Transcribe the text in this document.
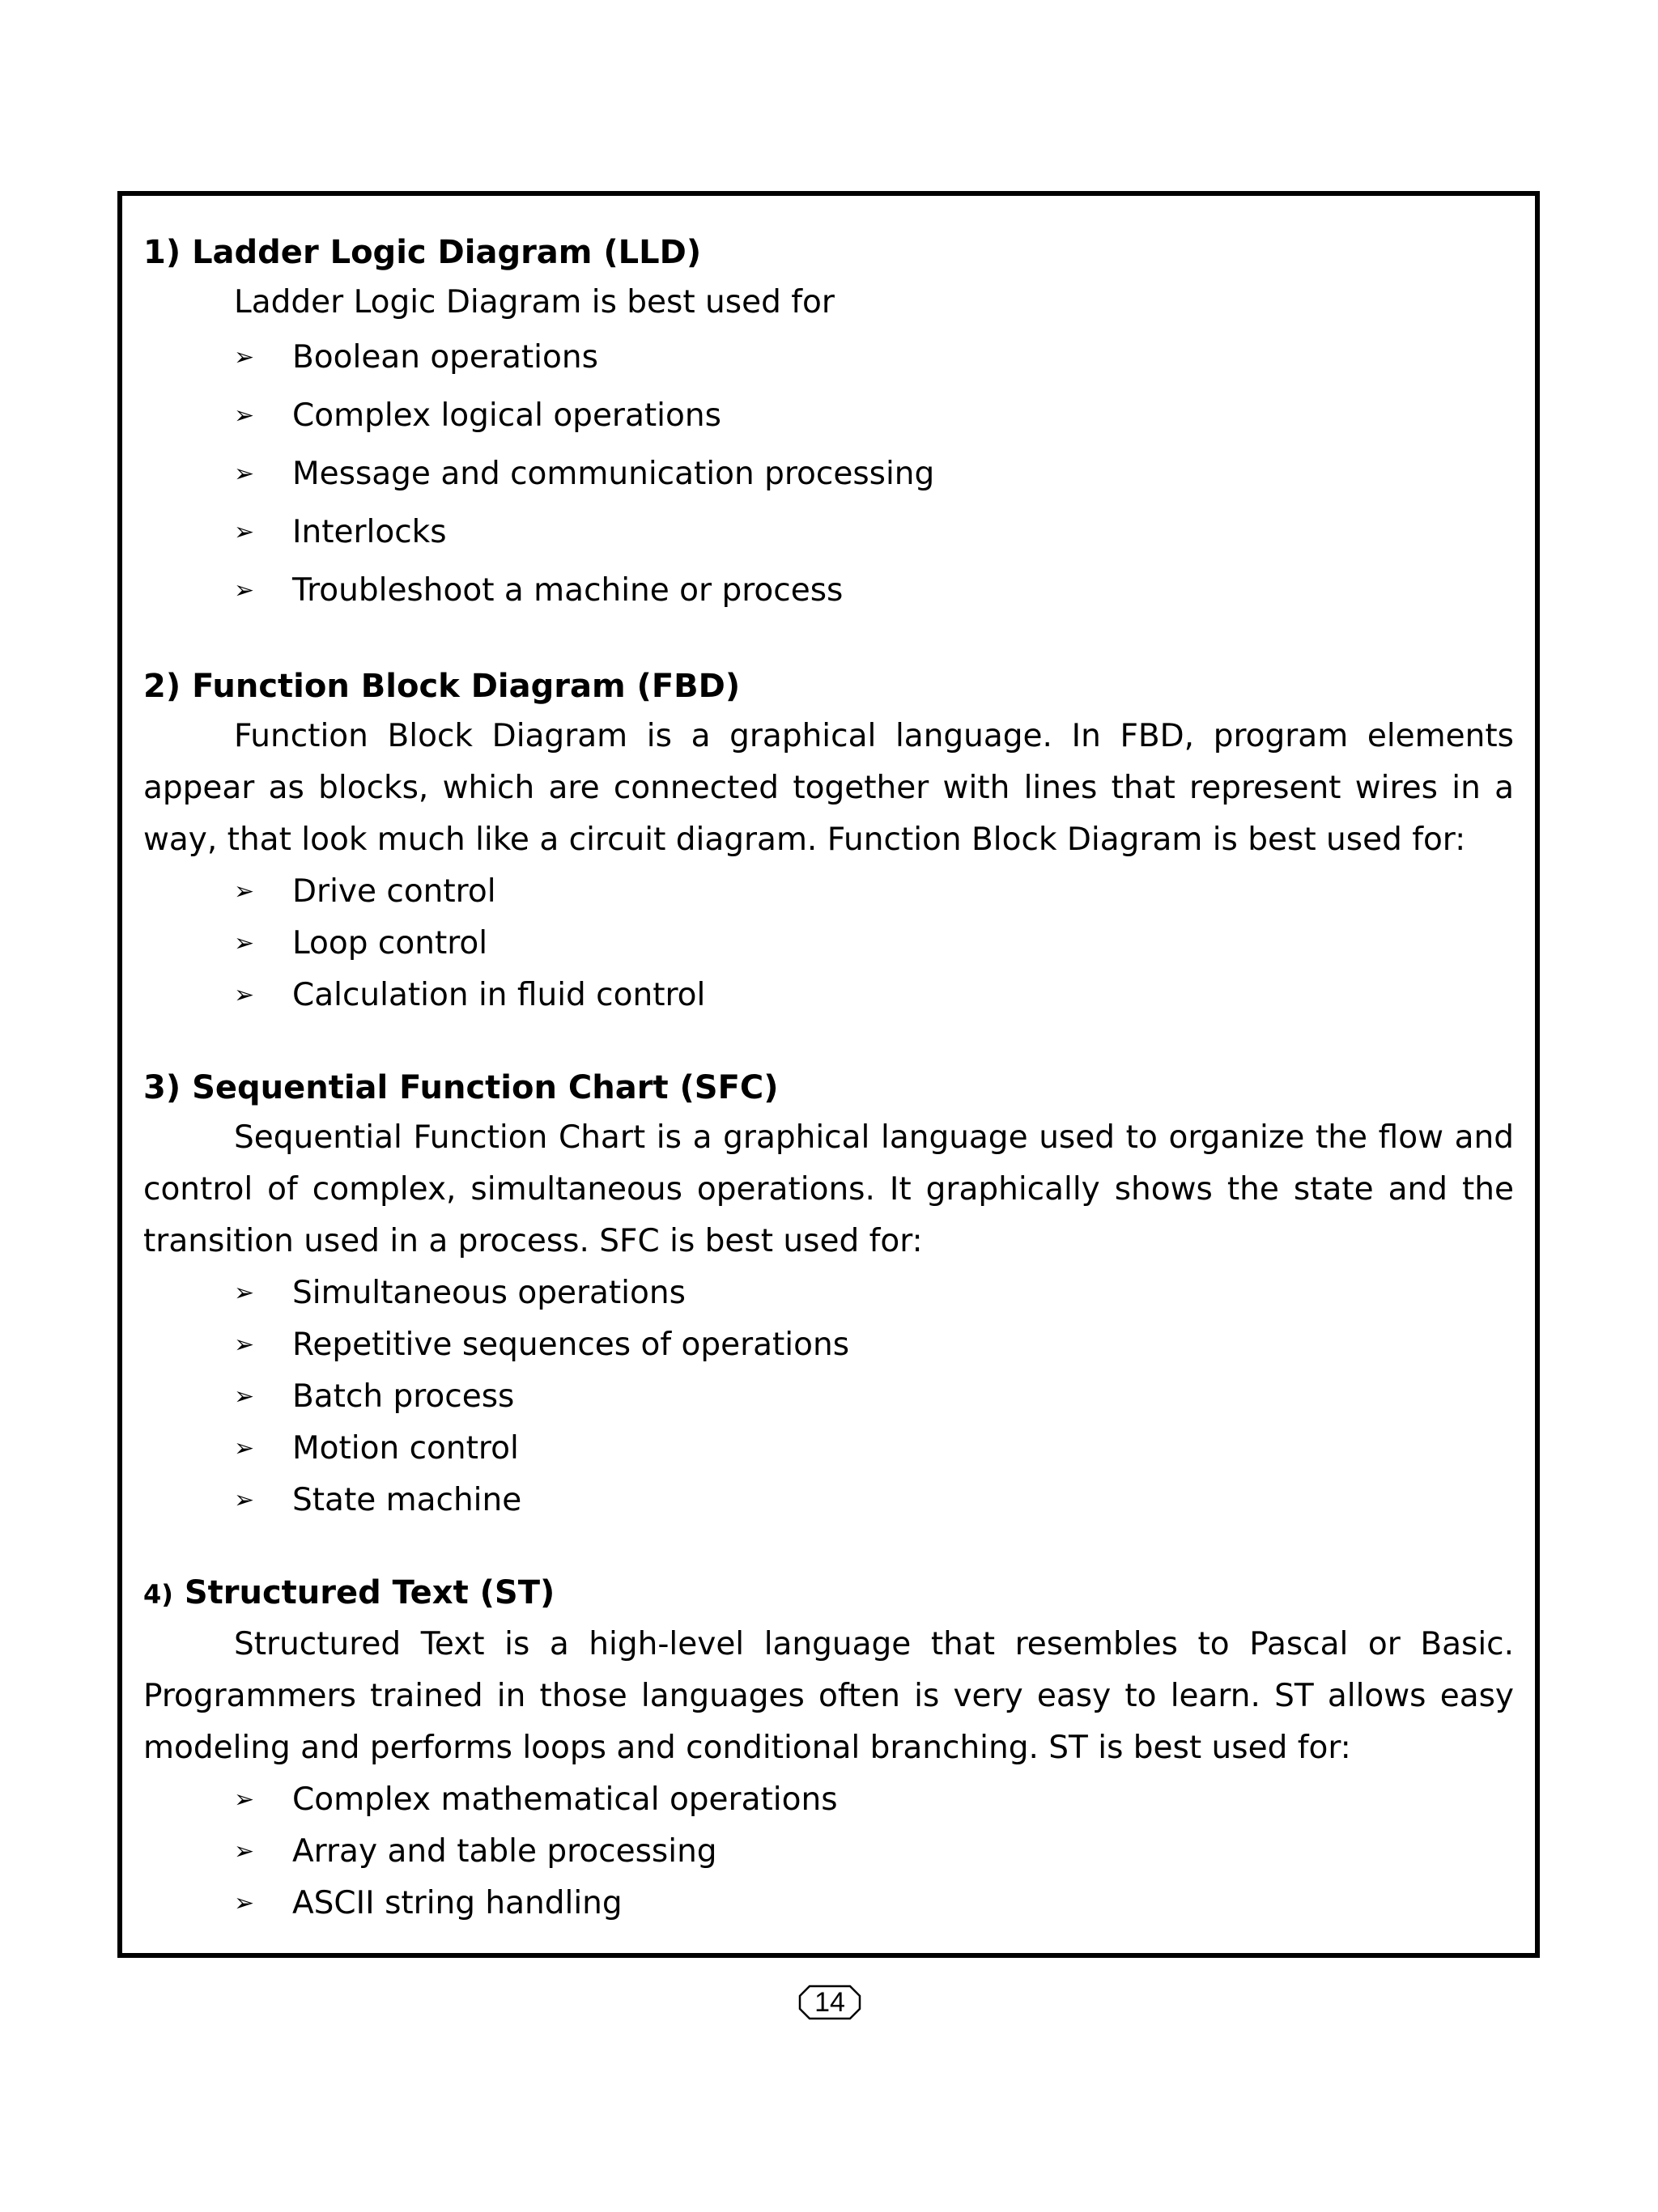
1) Ladder Logic Diagram (LLD)

Ladder Logic Diagram is best used for

➢	Boolean operations
➢	Complex logical operations
➢	Message and communication processing
➢	Interlocks
➢	Troubleshoot a machine or process

2) Function Block Diagram (FBD)

Function Block Diagram is a graphical language. In FBD, program elements appear as blocks, which are connected together with lines that represent wires in a way, that look much like a circuit diagram. Function Block Diagram is best used for:

➢	Drive control
➢	Loop control
➢	Calculation in fluid control

3) Sequential Function Chart (SFC)

Sequential Function Chart is a graphical language used to organize the flow and control of complex, simultaneous operations. It graphically shows the state and the transition used in a process. SFC is best used for:

➢	Simultaneous operations
➢	Repetitive sequences of operations
➢	Batch process
➢	Motion control
➢	State machine

4) Structured Text (ST)

Structured Text is a high-level language that resembles to Pascal or Basic. Programmers trained in those languages often is very easy to learn. ST allows easy modeling and performs loops and conditional branching. ST is best used for:

➢	Complex mathematical operations
➢	Array and table processing
➢	ASCII string handling
14
